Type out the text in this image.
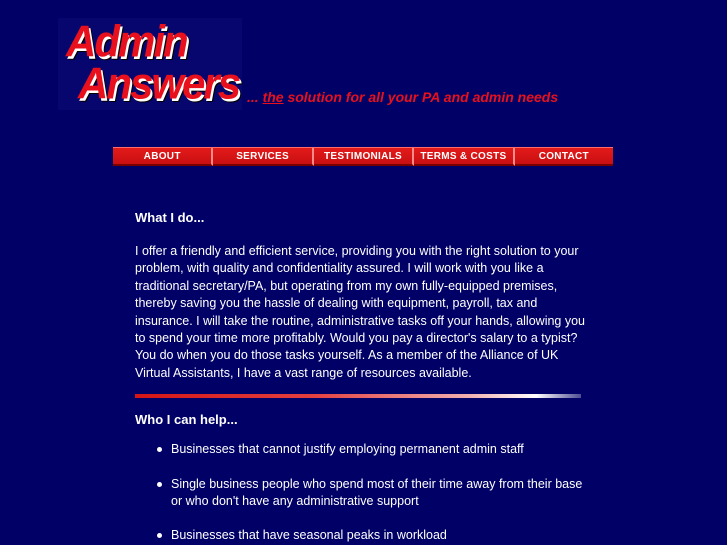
Admin
Answers ... the solution for all your PA and admin needs
ABOUT	SERVICES	TESTIMONIALS	TERMS & COSTS	CONTACT
What I do...

I offer a friendly and efficient service, providing you with the right solution to your problem, with quality and confidentiality assured. I will work with you like a traditional secretary/PA, but operating from my own fully-equipped premises, thereby saving you the hassle of dealing with equipment, payroll, tax and insurance. I will take the routine, administrative tasks off your hands, allowing you to spend your time more profitably. Would you pay a director's salary to a typist? You do when you do those tasks yourself. As a member of the Alliance of UK Virtual Assistants, I have a vast range of resources available.

Who I can help...
Businesses that cannot justify employing permanent admin staff
Single business people who spend most of their time away from their base or who don't have any administrative support
Businesses that have seasonal peaks in workload
